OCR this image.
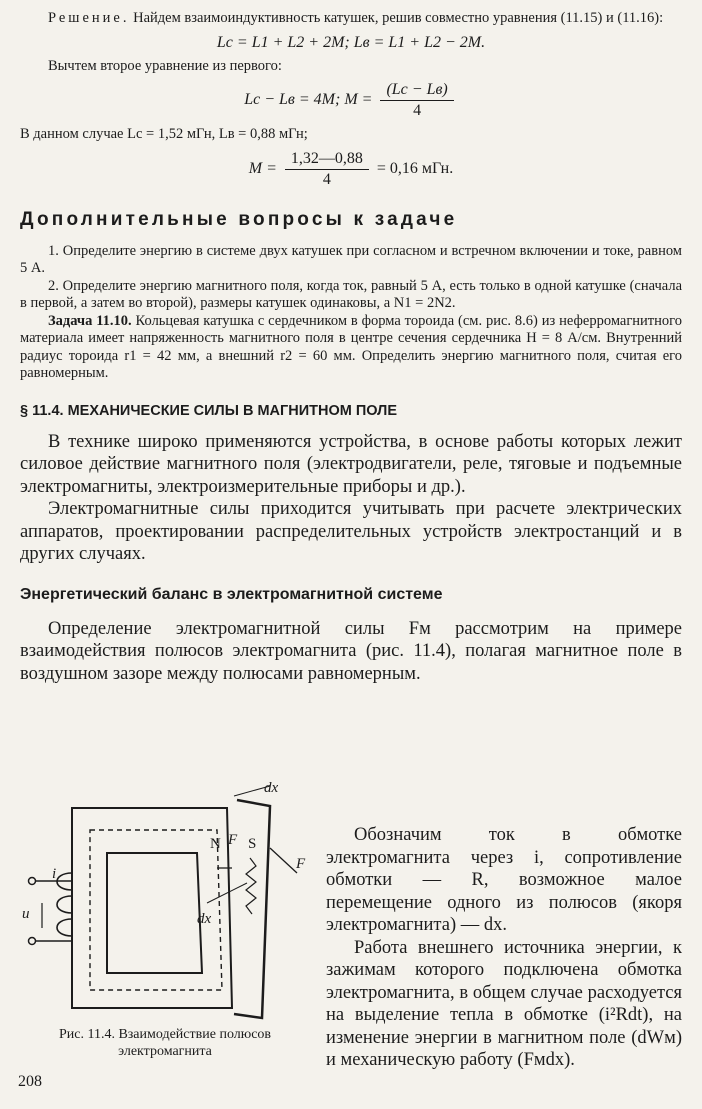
Решение. Найдем взаимоиндуктивность катушек, решив совместно уравнения (11.15) и (11.16):

Lс = L1 + L2 + 2M; Lв = L1 + L2 − 2M.

Вычтем второе уравнение из первого:

Lс − Lв = 4M; $M = \frac{(Lс - Lв)}{4}$

В данном случае Lс = 1,52 мГн, Lв = 0,88 мГн;

$M = \frac{1,32—0,88}{4} = 0,16$ мГн.
Дополнительные вопросы к задаче

1. Определите энергию в системе двух катушек при согласном и встречном включении и токе, равном 5 А.

2. Определите энергию магнитного поля, когда ток, равный 5 А, есть только в одной катушке (сначала в первой, а затем во второй), размеры катушек одинаковы, а N1 = 2N2.

Задача 11.10. Кольцевая катушка с сердечником в форма тороида (см. рис. 8.6) из неферромагнитного материала имеет напряженность магнитного поля в центре сечения сердечника H = 8 А/см. Внутренний радиус тороида r1 = 42 мм, а внешний r2 = 60 мм. Определить энергию магнитного поля, считая его равномерным.

§ 11.4. МЕХАНИЧЕСКИЕ СИЛЫ В МАГНИТНОМ ПОЛЕ

В технике широко применяются устройства, в основе работы которых лежит силовое действие магнитного поля (электродвигатели, реле, тяговые и подъемные электромагниты, электроизмерительные приборы и др.).

Электромагнитные силы приходится учитывать при расчете электрических аппаратов, проектировании распределительных устройств электростанций и в других случаях.

Энергетический баланс в электромагнитной системе

Определение электромагнитной силы Fм рассмотрим на примере взаимодействия полюсов электромагнита (рис. 11.4), полагая магнитное поле в воздушном зазоре между полюсами равномерным.

dx
N S
F
F
u
i
dx
Рис. 11.4. Взаимодействие полюсов электромагнита

Обозначим ток в обмотке электромагнита через i, сопротивление обмотки — R, возможное малое перемещение одного из полюсов (якоря электромагнита) — dx.

Работа внешнего источника энергии, к зажимам которого подключена обмотка электромагнита, в общем случае расходуется на выделение тепла в обмотке (i²Rdt), на изменение энергии в магнитном поле (dWм) и механическую работу (Fмdx).

208
